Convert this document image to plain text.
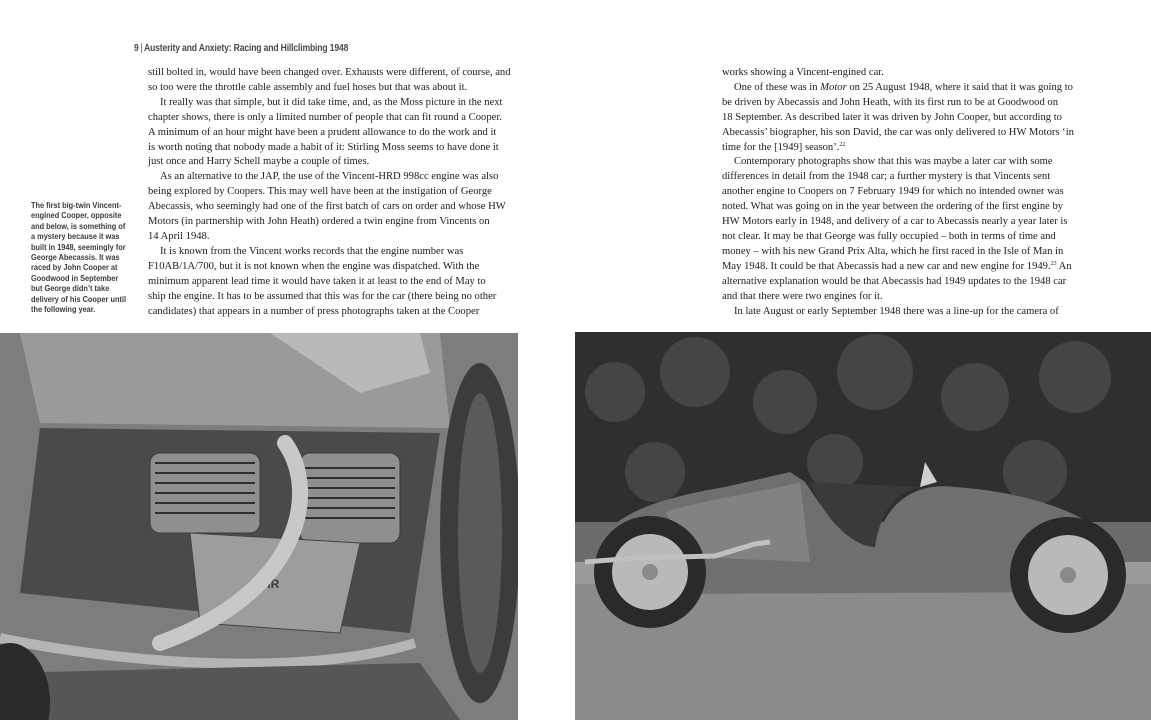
9 | Austerity and Anxiety: Racing and Hillclimbing 1948
still bolted in, would have been changed over. Exhausts were different, of course, and
so too were the throttle cable assembly and fuel hoses but that was about it.
It really was that simple, but it did take time, and, as the Moss picture in the next
chapter shows, there is only a limited number of people that can fit round a Cooper.
A minimum of an hour might have been a prudent allowance to do the work and it
is worth noting that nobody made a habit of it: Stirling Moss seems to have done it
just once and Harry Schell maybe a couple of times.
As an alternative to the JAP, the use of the Vincent-HRD 998cc engine was also
being explored by Coopers. This may well have been at the instigation of George
Abecassis, who seemingly had one of the first batch of cars on order and whose HW
Motors (in partnership with John Heath) ordered a twin engine from Vincents on
14 April 1948.
It is known from the Vincent works records that the engine number was
F10AB/1A/700, but it is not known when the engine was dispatched. With the
minimum apparent lead time it would have taken it at least to the end of May to
ship the engine. It has to be assumed that this was for the car (there being no other
candidates) that appears in a number of press photographs taken at the Cooper
The first big-twin Vincent-
engined Cooper, opposite
and below, is something of
a mystery because it was
built in 1948, seemingly for
George Abecassis. It was
raced by John Cooper at
Goodwood in September
but George didn’t take
delivery of his Cooper until
the following year.
HR
works showing a Vincent-engined car.
One of these was in Motor on 25 August 1948, where it said that it was going to
be driven by Abecassis and John Heath, with its first run to be at Goodwood on
18 September. As described later it was driven by John Cooper, but according to
Abecassis’ biographer, his son David, the car was only delivered to HW Motors ‘in
time for the [1949] season’.$^{22}$
Contemporary photographs show that this was maybe a later car with some
differences in detail from the 1948 car; a further mystery is that Vincents sent
another engine to Coopers on 7 February 1949 for which no intended owner was
noted. What was going on in the year between the ordering of the first engine by
HW Motors early in 1948, and delivery of a car to Abecassis nearly a year later is
not clear. It may be that George was fully occupied – both in terms of time and
money – with his new Grand Prix Alta, which he first raced in the Isle of Man in
May 1948. It could be that Abecassis had a new car and new engine for 1949.23 An
alternative explanation would be that Abecassis had 1949 updates to the 1948 car
and that there were two engines for it.
In late August or early September 1948 there was a line-up for the camera of
